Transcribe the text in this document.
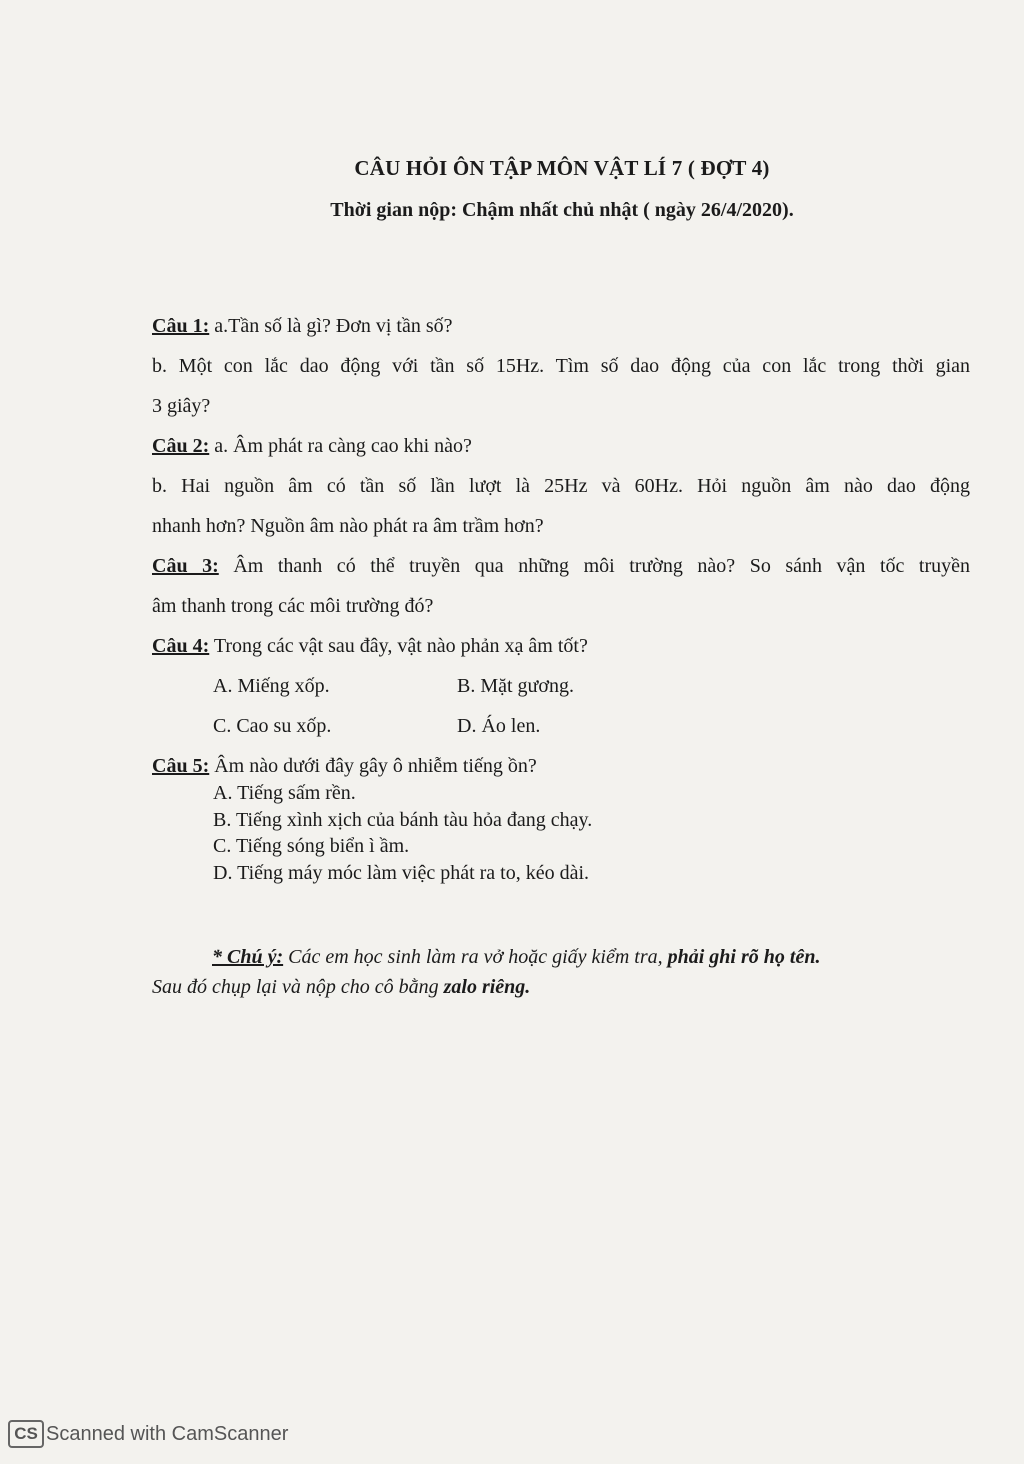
CÂU HỎI ÔN TẬP MÔN VẬT LÍ 7 ( ĐỢT 4)
Thời gian nộp: Chậm nhất chủ nhật ( ngày 26/4/2020).
Câu 1: a.Tần số là gì? Đơn vị tần số?
b. Một con lắc dao động với tần số 15Hz. Tìm số dao động của con lắc trong thời gian
3 giây?
Câu 2: a. Âm phát ra càng cao khi nào?
b. Hai nguồn âm có tần số lần lượt là 25Hz và 60Hz. Hỏi nguồn âm nào dao động
nhanh hơn? Nguồn âm nào phát ra âm trầm hơn?
Câu 3: Âm thanh có thể truyền qua những môi trường nào? So sánh vận tốc truyền
âm thanh trong các môi trường đó?
Câu 4: Trong các vật sau đây, vật nào phản xạ âm tốt?
A. Miếng xốp.	B. Mặt gương.
C. Cao su xốp.	D. Áo len.
Câu 5: Âm nào dưới đây gây ô nhiễm tiếng ồn?
A. Tiếng sấm rền.
B. Tiếng xình xịch của bánh tàu hỏa đang chạy.
C. Tiếng sóng biển ì ầm.
D. Tiếng máy móc làm việc phát ra to, kéo dài.
* Chú ý: Các em học sinh làm ra vở hoặc giấy kiểm tra, phải ghi rõ họ tên.
Sau đó chụp lại và nộp cho cô bằng zalo riêng.
CS Scanned with CamScanner
